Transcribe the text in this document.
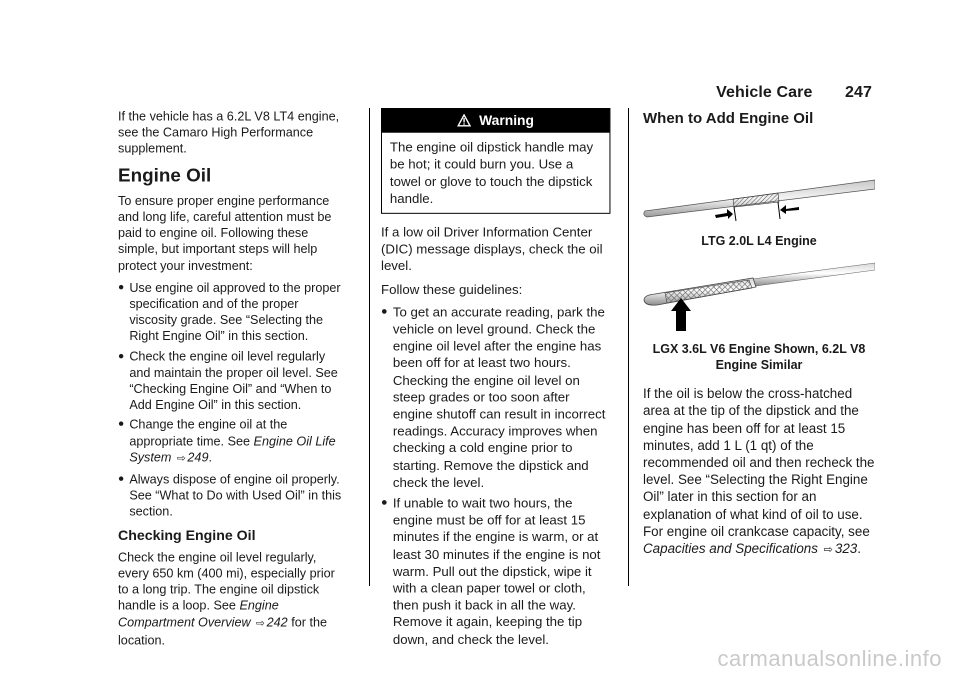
Vehicle Care 247

If the vehicle has a 6.2L V8 LT4 engine, see the Camaro High Performance supplement.

Engine Oil

To ensure proper engine performance and long life, careful attention must be paid to engine oil. Following these simple, but important steps will help protect your investment:

● Use engine oil approved to the proper specification and of the proper viscosity grade. See “Selecting the Right Engine Oil” in this section.
● Check the engine oil level regularly and maintain the proper oil level. See “Checking Engine Oil” and “When to Add Engine Oil” in this section.
● Change the engine oil at the appropriate time. See Engine Oil Life System ⇨ 249.
● Always dispose of engine oil properly. See “What to Do with Used Oil” in this section.
Checking Engine Oil

Check the engine oil level regularly, every 650 km (400 mi), especially prior to a long trip. The engine oil dipstick handle is a loop. See Engine Compartment Overview ⇨ 242 for the location.

Warning
The engine oil dipstick handle may be hot; it could burn you. Use a towel or glove to touch the dipstick handle.

If a low oil Driver Information Center (DIC) message displays, check the oil level.

Follow these guidelines:

● To get an accurate reading, park the vehicle on level ground. Check the engine oil level after the engine has been off for at least two hours. Checking the engine oil level on steep grades or too soon after engine shutoff can result in incorrect readings. Accuracy improves when checking a cold engine prior to starting. Remove the dipstick and check the level.
● If unable to wait two hours, the engine must be off for at least 15 minutes if the engine is warm, or at least 30 minutes if the engine is not warm. Pull out the dipstick, wipe it with a clean paper towel or cloth, then push it back in all the way. Remove it again, keeping the tip down, and check the level.
When to Add Engine Oil
LTG 2.0L L4 Engine
LGX 3.6L V6 Engine Shown, 6.2L V8 Engine Similar

If the oil is below the cross-hatched area at the tip of the dipstick and the engine has been off for at least 15 minutes, add 1 L (1 qt) of the recommended oil and then recheck the level. See “Selecting the Right Engine Oil” later in this section for an explanation of what kind of oil to use. For engine oil crankcase capacity, see Capacities and Specifications ⇨ 323.

carmanualsonline.info
